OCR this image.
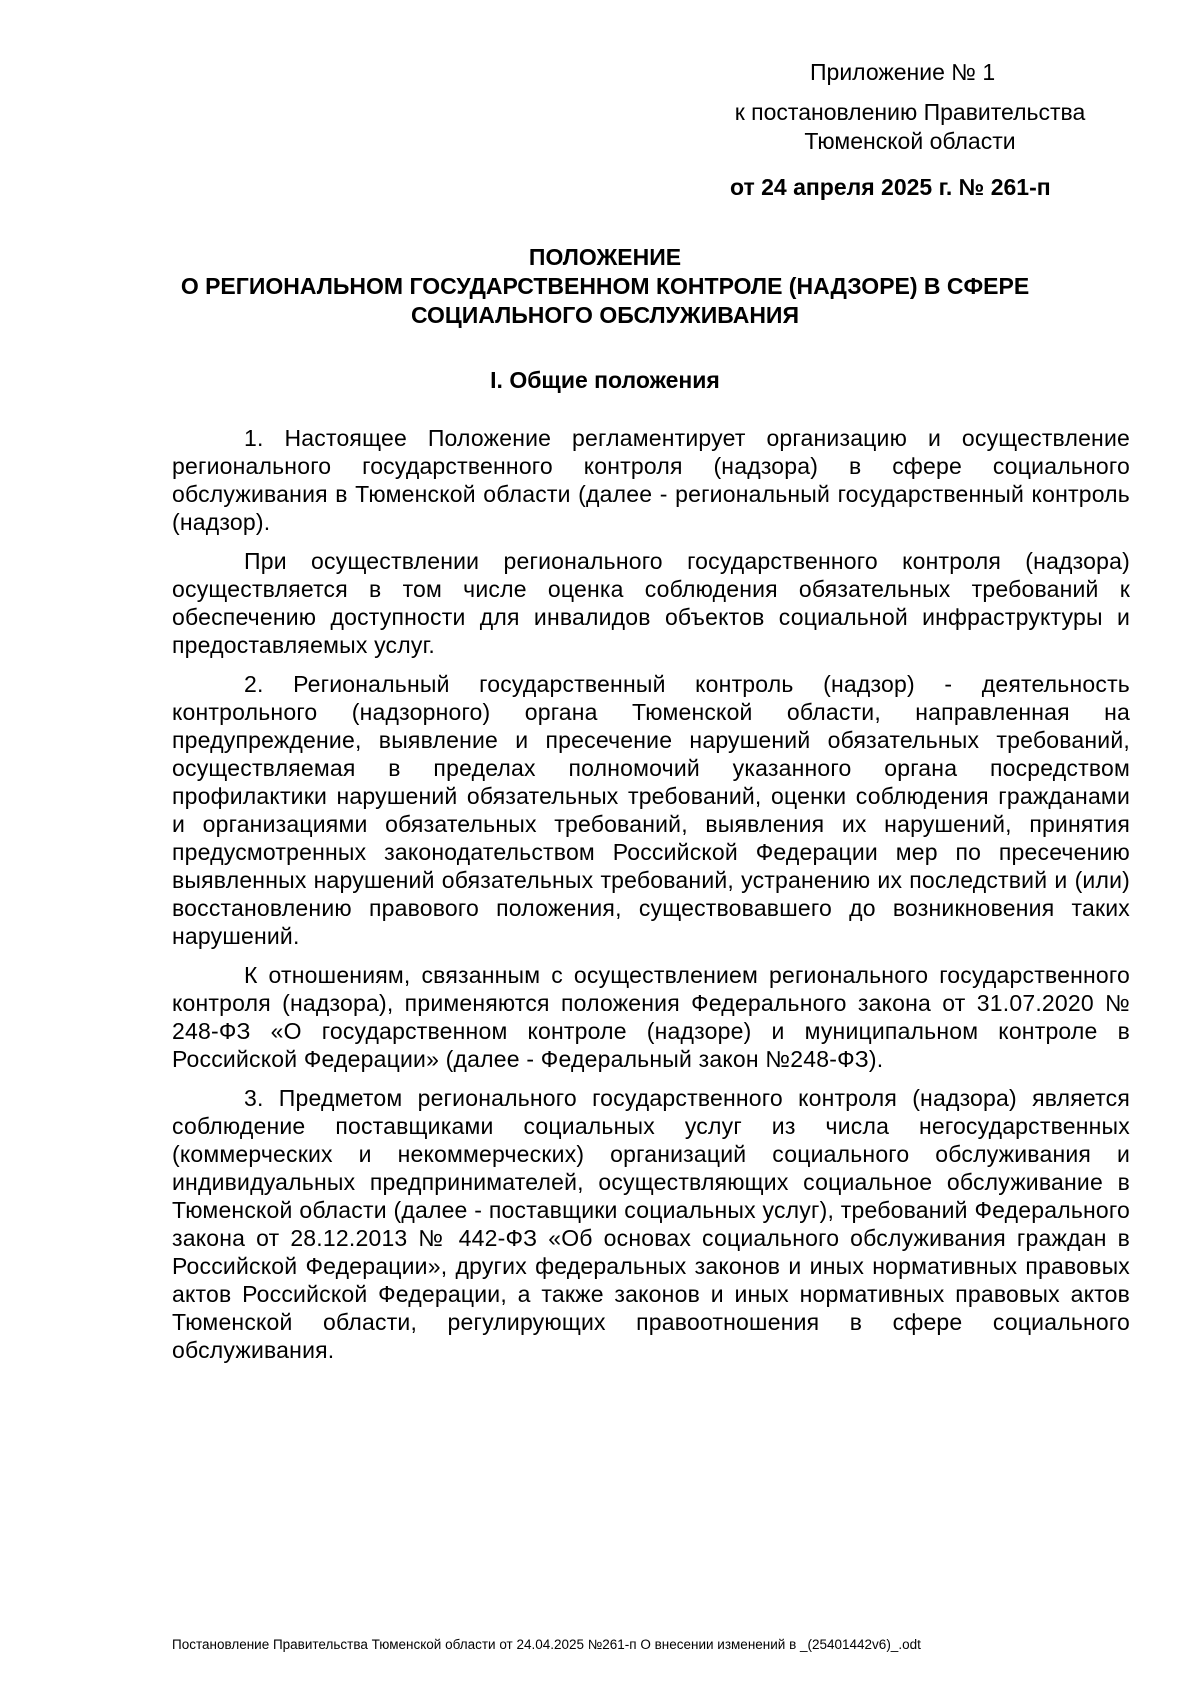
Приложение № 1
к постановлению Правительства Тюменской области
от 24 апреля 2025 г. № 261-п
ПОЛОЖЕНИЕ
О РЕГИОНАЛЬНОМ ГОСУДАРСТВЕННОМ КОНТРОЛЕ (НАДЗОРЕ) В СФЕРЕ СОЦИАЛЬНОГО ОБСЛУЖИВАНИЯ
I. Общие положения

1. Настоящее Положение регламентирует организацию и осуществление регионального государственного контроля (надзора) в сфере социального обслуживания в Тюменской области (далее - региональный государственный контроль (надзор).

При осуществлении регионального государственного контроля (надзора) осуществляется в том числе оценка соблюдения обязательных требований к обеспечению доступности для инвалидов объектов социальной инфраструктуры и предоставляемых услуг.

2. Региональный государственный контроль (надзор) - деятельность контрольного (надзорного) органа Тюменской области, направленная на предупреждение, выявление и пресечение нарушений обязательных требований, осуществляемая в пределах полномочий указанного органа посредством профилактики нарушений обязательных требований, оценки соблюдения гражданами и организациями обязательных требований, выявления их нарушений, принятия предусмотренных законодательством Российской Федерации мер по пресечению выявленных нарушений обязательных требований, устранению их последствий и (или) восстановлению правового положения, существовавшего до возникновения таких нарушений.

К отношениям, связанным с осуществлением регионального государственного контроля (надзора), применяются положения Федерального закона от 31.07.2020 № 248-ФЗ «О государственном контроле (надзоре) и муниципальном контроле в Российской Федерации» (далее - Федеральный закон №248-ФЗ).

3. Предметом регионального государственного контроля (надзора) является соблюдение поставщиками социальных услуг из числа негосударственных (коммерческих и некоммерческих) организаций социального обслуживания и индивидуальных предпринимателей, осуществляющих социальное обслуживание в Тюменской области (далее - поставщики социальных услуг), требований Федерального закона от 28.12.2013 № 442-ФЗ «Об основах социального обслуживания граждан в Российской Федерации», других федеральных законов и иных нормативных правовых актов Российской Федерации, а также законов и иных нормативных правовых актов Тюменской области, регулирующих правоотношения в сфере социального обслуживания.

Постановление Правительства Тюменской области от 24.04.2025 №261-п О внесении изменений в _(25401442v6)_.odt
